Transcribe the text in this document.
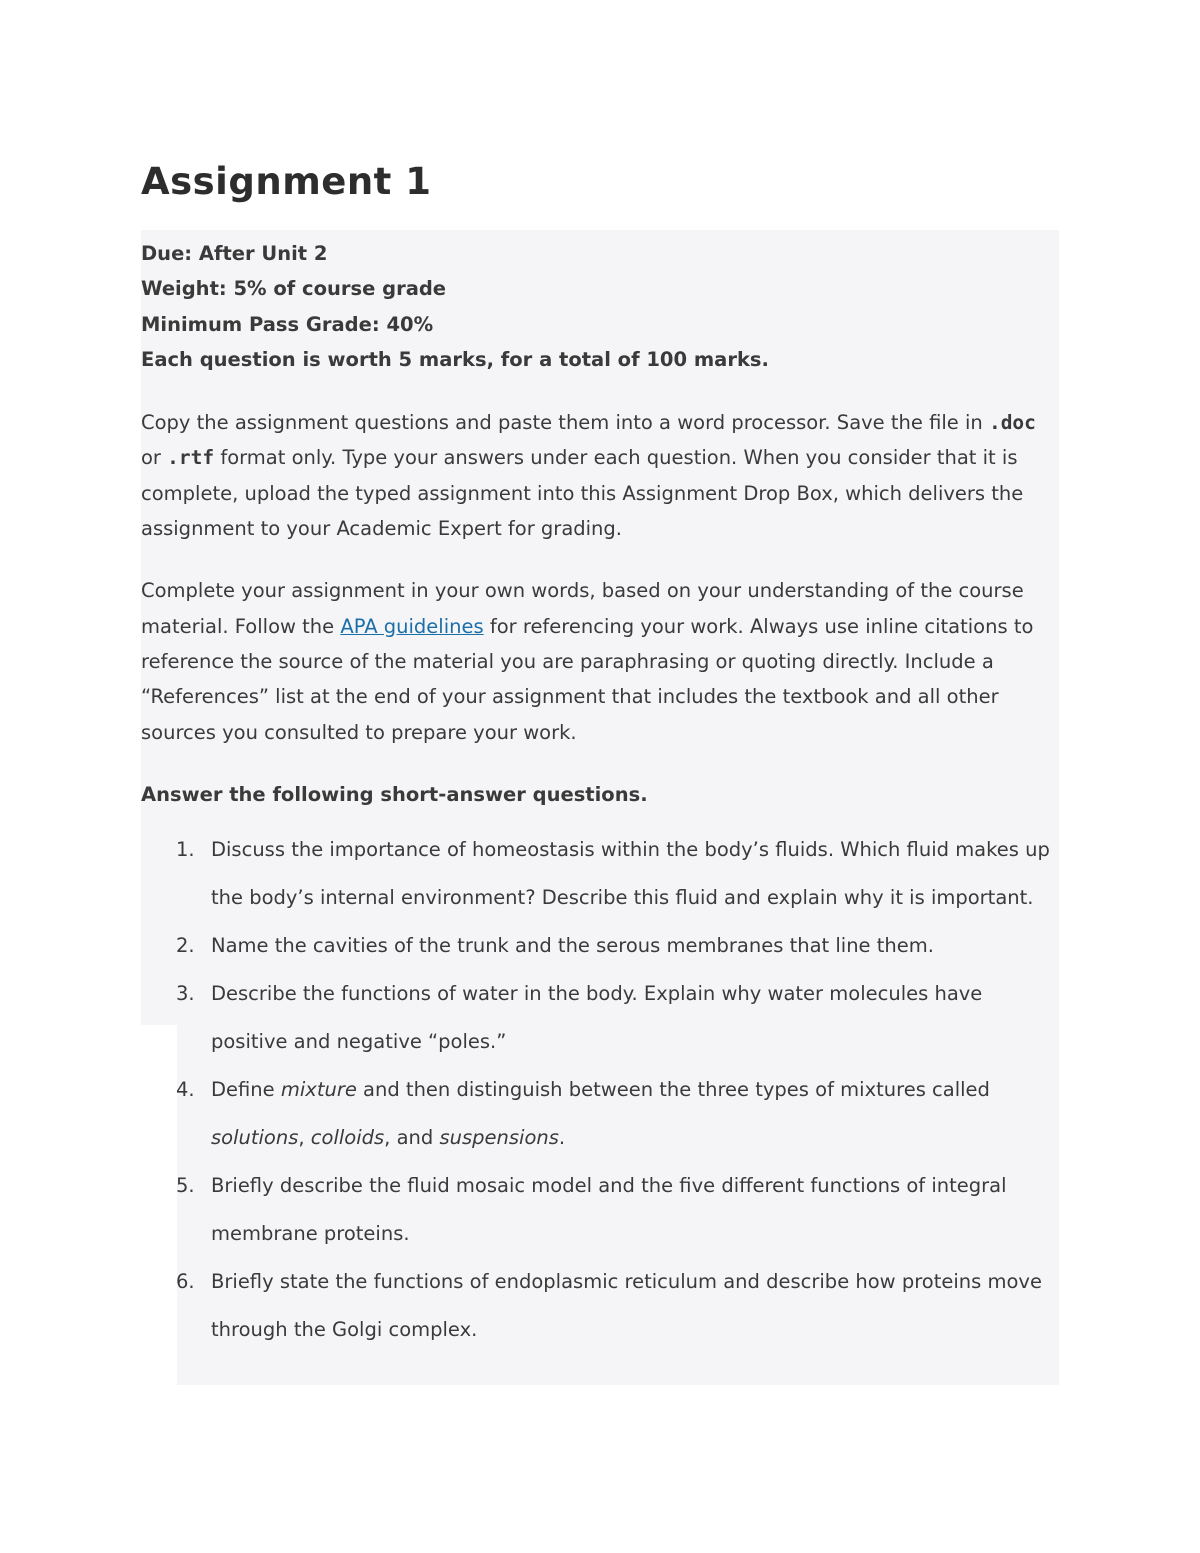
Assignment 1

Due: After Unit 2

Weight: 5% of course grade

Minimum Pass Grade: 40%

Each question is worth 5 marks, for a total of 100 marks.

Copy the assignment questions and paste them into a word processor. Save the file in .doc or .rtf format only. Type your answers under each question. When you consider that it is complete, upload the typed assignment into this Assignment Drop Box, which delivers the assignment to your Academic Expert for grading.

Complete your assignment in your own words, based on your understanding of the course material. Follow the APA guidelines for referencing your work. Always use inline citations to reference the source of the material you are paraphrasing or quoting directly. Include a “References” list at the end of your assignment that includes the textbook and all other sources you consulted to prepare your work.

Answer the following short-answer questions.

1. Discuss the importance of homeostasis within the body’s fluids. Which fluid makes up the body’s internal environment? Describe this fluid and explain why it is important.
2. Name the cavities of the trunk and the serous membranes that line them.
3. Describe the functions of water in the body. Explain why water molecules have positive and negative “poles.”
4. Define mixture and then distinguish between the three types of mixtures called solutions, colloids, and suspensions.
5. Briefly describe the fluid mosaic model and the five different functions of integral membrane proteins.
6. Briefly state the functions of endoplasmic reticulum and describe how proteins move through the Golgi complex.
